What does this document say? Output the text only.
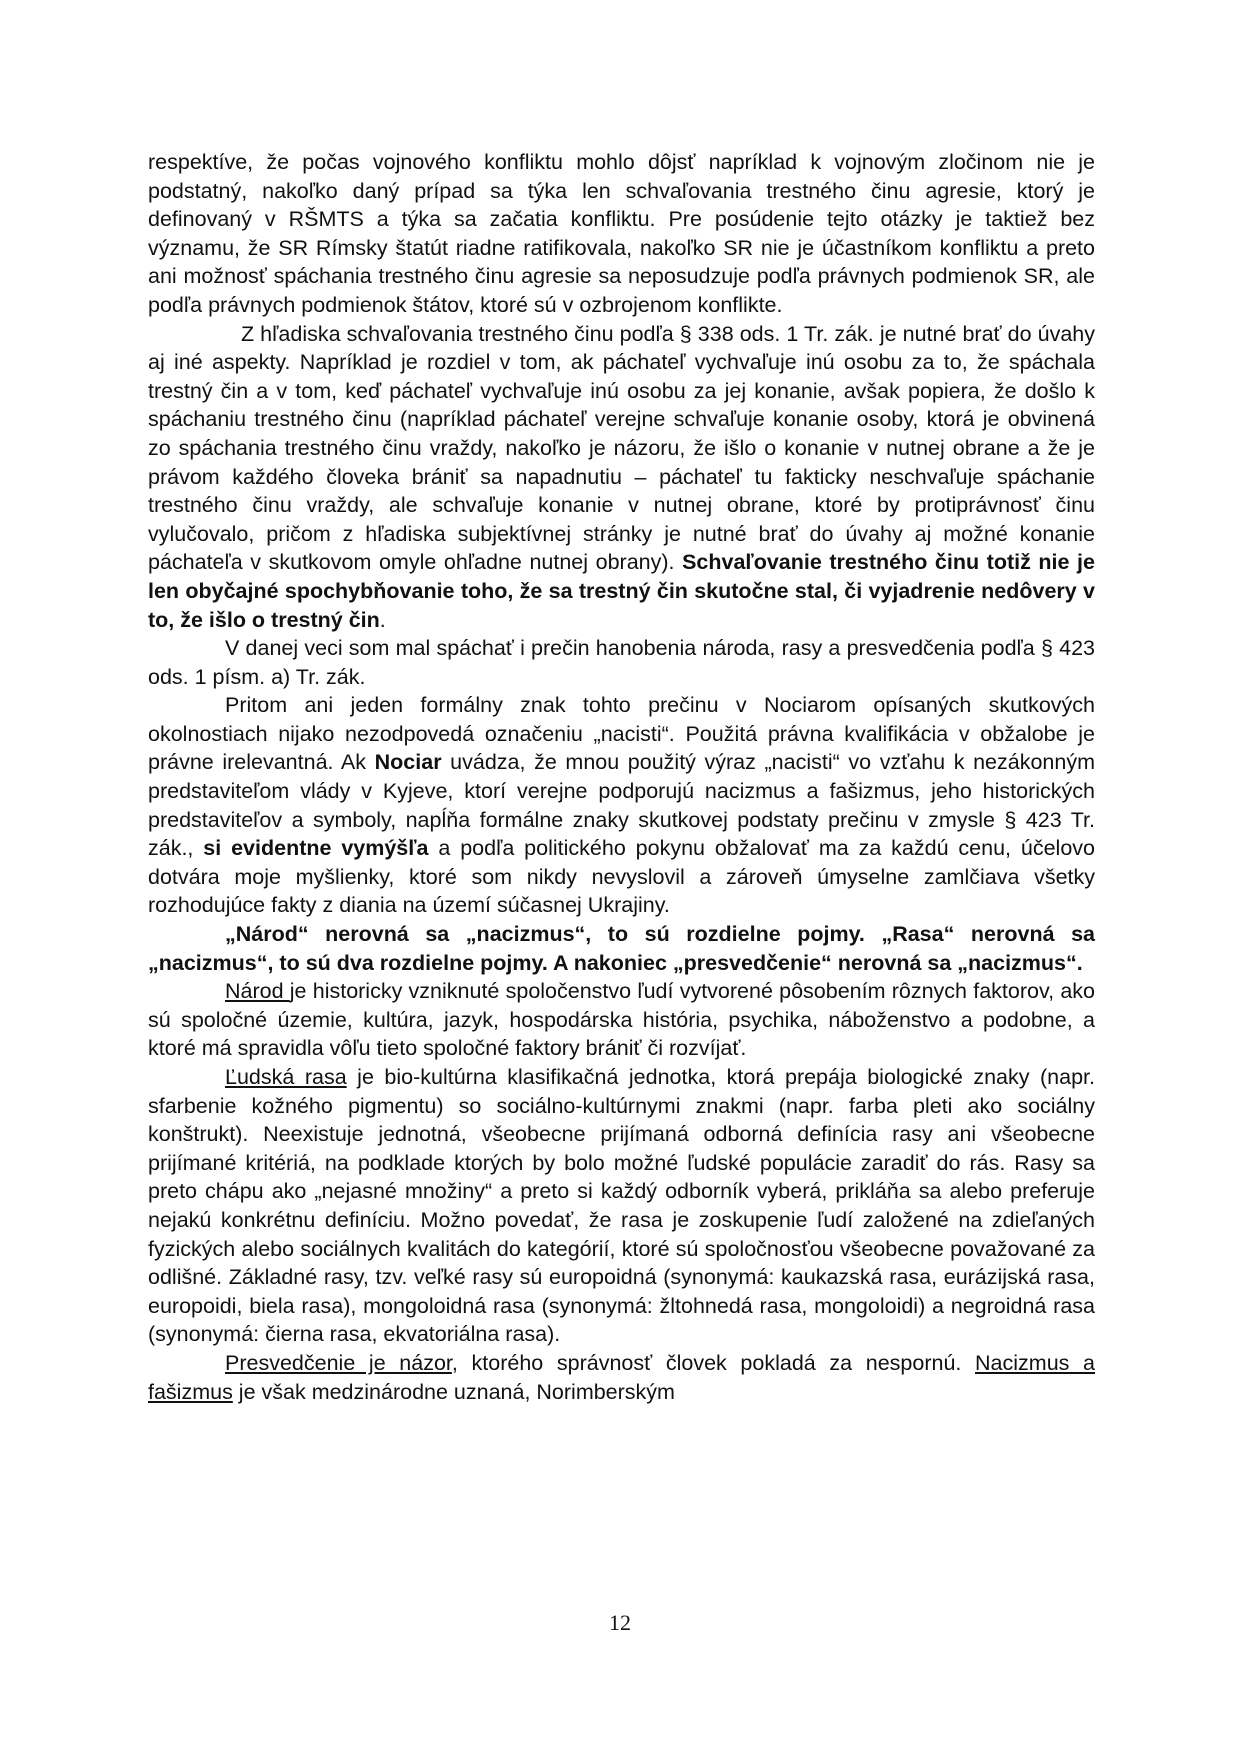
respektíve, že počas vojnového konfliktu mohlo dôjsť napríklad k vojnovým zločinom nie je podstatný, nakoľko daný prípad sa týka len schvaľovania trestného činu agresie, ktorý je definovaný v RŠMTS a týka sa začatia konfliktu. Pre posúdenie tejto otázky je taktiež bez významu, že SR Rímsky štatút riadne ratifikovala, nakoľko SR nie je účastníkom konfliktu a preto ani možnosť spáchania trestného činu agresie sa neposudzuje podľa právnych podmienok SR, ale podľa právnych podmienok štátov, ktoré sú v ozbrojenom konflikte.

Z hľadiska schvaľovania trestného činu podľa § 338 ods. 1 Tr. zák. je nutné brať do úvahy aj iné aspekty. Napríklad je rozdiel v tom, ak páchateľ vychvaľuje inú osobu za to, že spáchala trestný čin a v tom, keď páchateľ vychvaľuje inú osobu za jej konanie, avšak popiera, že došlo k spáchaniu trestného činu (napríklad páchateľ verejne schvaľuje konanie osoby, ktorá je obvinená zo spáchania trestného činu vraždy, nakoľko je názoru, že išlo o konanie v nutnej obrane a že je právom každého človeka brániť sa napadnutiu – páchateľ tu fakticky neschvaľuje spáchanie trestného činu vraždy, ale schvaľuje konanie v nutnej obrane, ktoré by protiprávnosť činu vylučovalo, pričom z hľadiska subjektívnej stránky je nutné brať do úvahy aj možné konanie páchateľa v skutkovom omyle ohľadne nutnej obrany). Schvaľovanie trestného činu totiž nie je len obyčajné spochybňovanie toho, že sa trestný čin skutočne stal, či vyjadrenie nedôvery v to, že išlo o trestný čin.

V danej veci som mal spáchať i prečin hanobenia národa, rasy a presvedčenia podľa § 423 ods. 1 písm. a) Tr. zák.

Pritom ani jeden formálny znak tohto prečinu v Nociarom opísaných skutkových okolnostiach nijako nezodpovedá označeniu „nacisti“. Použitá právna kvalifikácia v obžalobe je právne irelevantná. Ak Nociar uvádza, že mnou použitý výraz „nacisti“ vo vzťahu k nezákonným predstaviteľom vlády v Kyjeve, ktorí verejne podporujú nacizmus a fašizmus, jeho historických predstaviteľov a symboly, napĺňa formálne znaky skutkovej podstaty prečinu v zmysle § 423 Tr. zák., si evidentne vymýšľa a podľa politického pokynu obžalovať ma za každú cenu, účelovo dotvára moje myšlienky, ktoré som nikdy nevyslovil a zároveň úmyselne zamlčiava všetky rozhodujúce fakty z diania na území súčasnej Ukrajiny.

„Národ“ nerovná sa „nacizmus“, to sú rozdielne pojmy. „Rasa“ nerovná sa „nacizmus“, to sú dva rozdielne pojmy. A nakoniec „presvedčenie“ nerovná sa „nacizmus“.

Národ je historicky vzniknuté spoločenstvo ľudí vytvorené pôsobením rôznych faktorov, ako sú spoločné územie, kultúra, jazyk, hospodárska história, psychika, náboženstvo a podobne, a ktoré má spravidla vôľu tieto spoločné faktory brániť či rozvíjať.

Ľudská rasa je bio-kultúrna klasifikačná jednotka, ktorá prepája biologické znaky (napr. sfarbenie kožného pigmentu) so sociálno-kultúrnymi znakmi (napr. farba pleti ako sociálny konštrukt). Neexistuje jednotná, všeobecne prijímaná odborná definícia rasy ani všeobecne prijímané kritériá, na podklade ktorých by bolo možné ľudské populácie zaradiť do rás. Rasy sa preto chápu ako „nejasné množiny“ a preto si každý odborník vyberá, prikláňa sa alebo preferuje nejakú konkrétnu definíciu. Možno povedať, že rasa je zoskupenie ľudí založené na zdieľaných fyzických alebo sociálnych kvalitách do kategórií, ktoré sú spoločnosťou všeobecne považované za odlišné. Základné rasy, tzv. veľké rasy sú europoidná (synonymá: kaukazská rasa, eurázijská rasa, europoidi, biela rasa), mongoloidná rasa (synonymá: žltohnedá rasa, mongoloidi) a negroidná rasa (synonymá: čierna rasa, ekvatoriálna rasa).

Presvedčenie je názor, ktorého správnosť človek pokladá za nespornú. Nacizmus a fašizmus je však medzinárodne uznaná, Norimberským

12
